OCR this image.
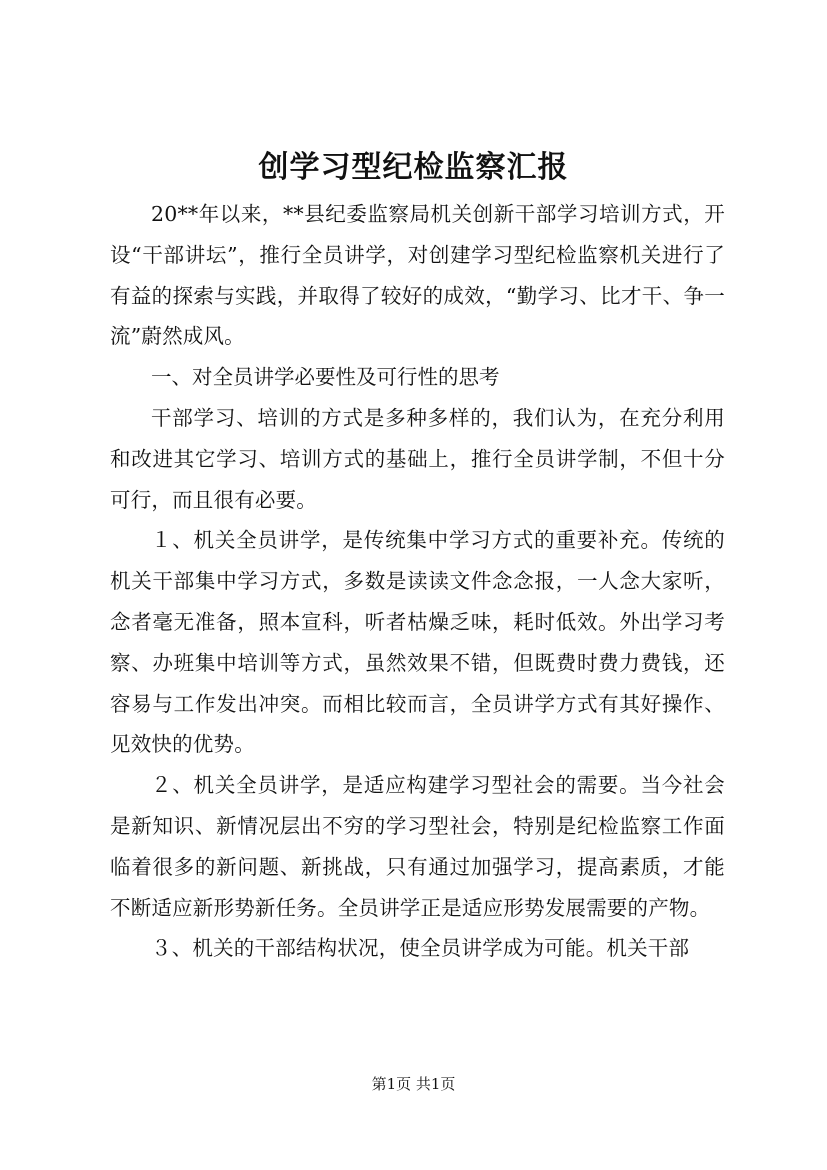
创学习型纪检监察汇报

20**年以来，**县纪委监察局机关创新干部学习培训方式，开设“干部讲坛”，推行全员讲学，对创建学习型纪检监察机关进行了有益的探索与实践，并取得了较好的成效，“勤学习、比才干、争一流”蔚然成风。

一、对全员讲学必要性及可行性的思考

干部学习、培训的方式是多种多样的，我们认为，在充分利用和改进其它学习、培训方式的基础上，推行全员讲学制，不但十分可行，而且很有必要。

１、机关全员讲学，是传统集中学习方式的重要补充。传统的机关干部集中学习方式，多数是读读文件念念报，一人念大家听，念者毫无准备，照本宣科，听者枯燥乏味，耗时低效。外出学习考察、办班集中培训等方式，虽然效果不错，但既费时费力费钱，还容易与工作发出冲突。而相比较而言，全员讲学方式有其好操作、见效快的优势。

２、机关全员讲学，是适应构建学习型社会的需要。当今社会是新知识、新情况层出不穷的学习型社会，特别是纪检监察工作面临着很多的新问题、新挑战，只有通过加强学习，提高素质，才能不断适应新形势新任务。全员讲学正是适应形势发展需要的产物。

３、机关的干部结构状况，使全员讲学成为可能。机关干部

第1页 共1页
